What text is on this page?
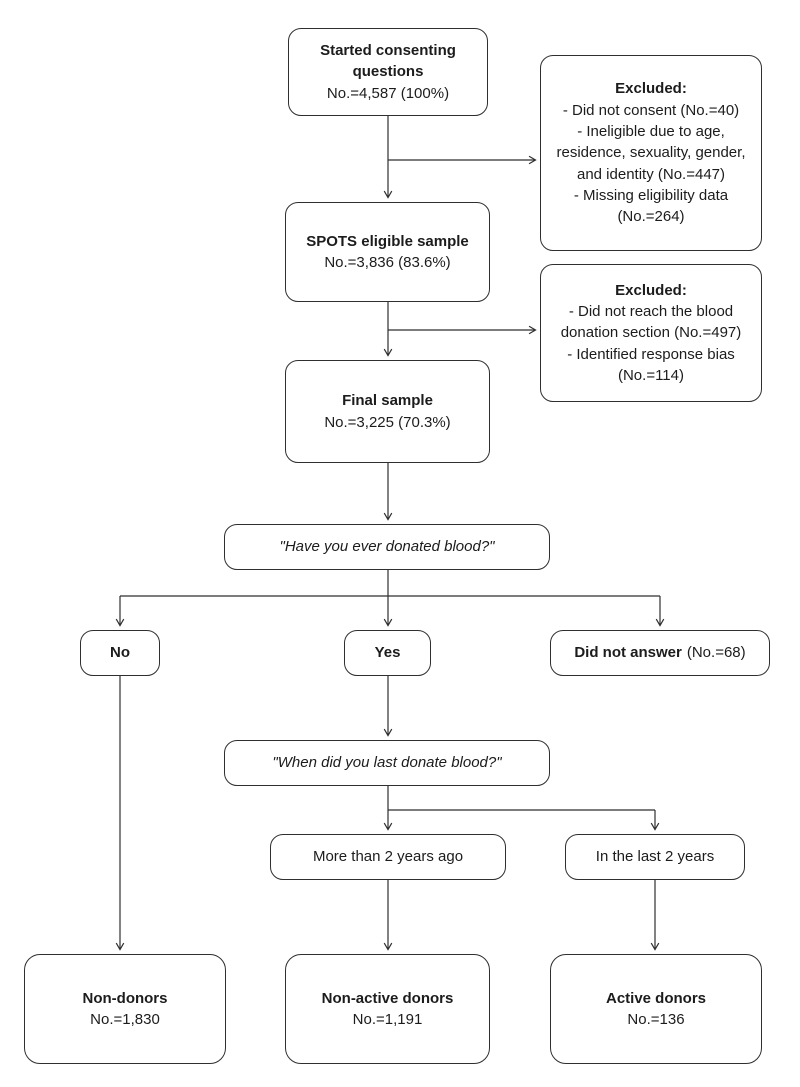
Started consenting questions
No.=4,587 (100%)	Excluded:
- Did not consent (No.=40)
- Ineligible due to age, residence, sexuality, gender, and identity (No.=447)
- Missing eligibility data (No.=264)
SPOTS eligible sample
No.=3,836 (83.6%)
Excluded:
- Did not reach the blood donation section (No.=497)
- Identified response bias (No.=114)
Final sample
No.=3,225 (70.3%)
"Have you ever donated blood?"
No	Yes	Did not answer (No.=68)
"When did you last donate blood?"
More than 2 years ago	In the last 2 years
Non-donors
No.=1,830
Non-active donors
No.=1,191
Active donors
No.=136
